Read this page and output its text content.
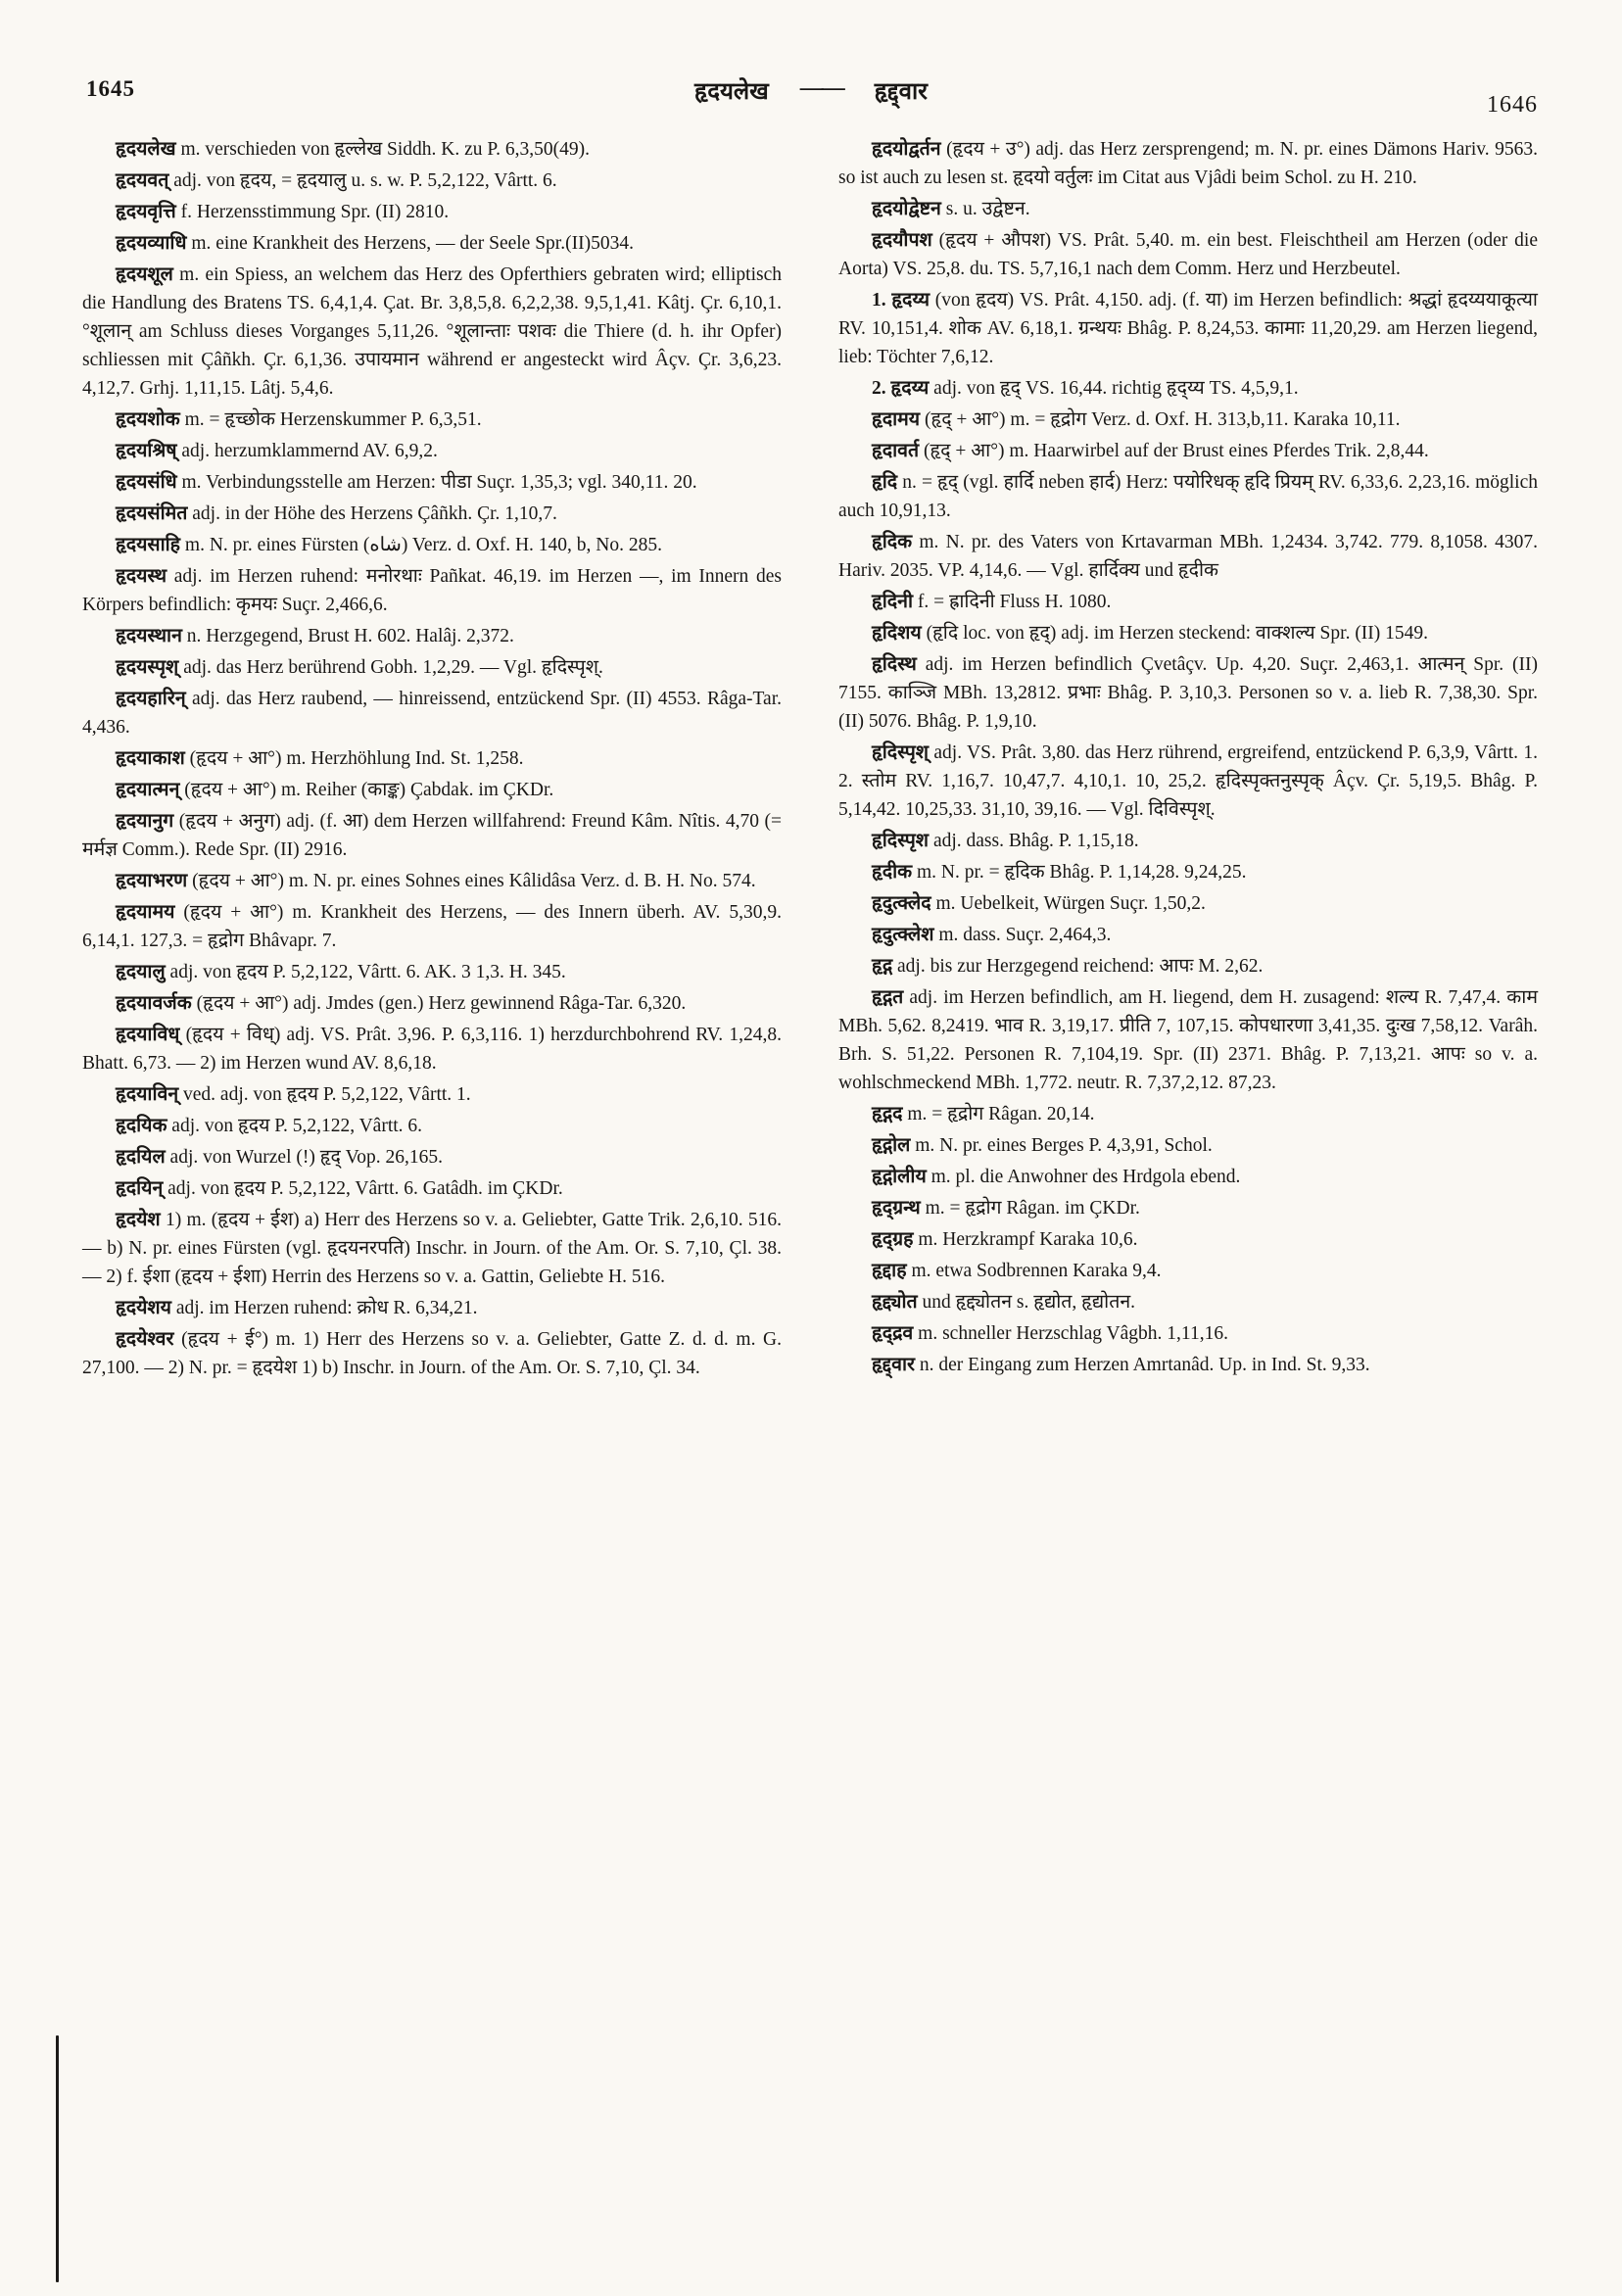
1645	हृदयलेख —— हृद्द्वार	1646

हृदयलेख m. verschieden von हृल्लेख Siddh. K. zu P. 6,3,50(49).

हृदयवत् adj. von हृदय, = हृदयालु u. s. w. P. 5,2,122, Vârtt. 6.

हृदयवृत्ति f. Herzensstimmung Spr. (II) 2810.

हृदयव्याधि m. eine Krankheit des Herzens, — der Seele Spr.(II)5034.

हृदयशूल m. ein Spiess, an welchem das Herz des Opferthiers gebraten wird; elliptisch die Handlung des Bratens TS. 6,4,1,4. Çat. Br. 3,8,5,8. 6,2,2,38. 9,5,1,41. Kâtj. Çr. 6,10,1. °शूलान् am Schluss dieses Vorganges 5,11,26. °शूलान्ताः पशवः die Thiere (d. h. ihr Opfer) schliessen mit Çâñkh. Çr. 6,1,36. उपायमान während er angesteckt wird Âçv. Çr. 3,6,23. 4,12,7. Grhj. 1,11,15. Lâtj. 5,4,6.

हृदयशोक m. = हृच्छोक Herzenskummer P. 6,3,51.

हृदयश्रिष् adj. herzumklammernd AV. 6,9,2.

हृदयसंधि m. Verbindungsstelle am Herzen: पीडा Suçr. 1,35,3; vgl. 340,11. 20.

हृदयसंमित adj. in der Höhe des Herzens Çâñkh. Çr. 1,10,7.

हृदयसाहि m. N. pr. eines Fürsten (شاه) Verz. d. Oxf. H. 140, b, No. 285.

हृदयस्थ adj. im Herzen ruhend: मनोरथाः Pañkat. 46,19. im Herzen —, im Innern des Körpers befindlich: कृमयः Suçr. 2,466,6.

हृदयस्थान n. Herzgegend, Brust H. 602. Halâj. 2,372.

हृदयस्पृश् adj. das Herz berührend Gobh. 1,2,29. — Vgl. हृदिस्पृश्.

हृदयहारिन् adj. das Herz raubend, — hinreissend, entzückend Spr. (II) 4553. Râga-Tar. 4,436.

हृदयाकाश (हृदय + आ°) m. Herzhöhlung Ind. St. 1,258.

हृदयात्मन् (हृदय + आ°) m. Reiher (काङ्क) Çabdak. im ÇKDr.

हृदयानुग (हृदय + अनुग) adj. (f. आ) dem Herzen willfahrend: Freund Kâm. Nîtis. 4,70 (= मर्मज्ञ Comm.). Rede Spr. (II) 2916.

हृदयाभरण (हृदय + आ°) m. N. pr. eines Sohnes eines Kâlidâsa Verz. d. B. H. No. 574.

हृदयामय (हृदय + आ°) m. Krankheit des Herzens, — des Innern überh. AV. 5,30,9. 6,14,1. 127,3. = हृद्रोग Bhâvapr. 7.

हृदयालु adj. von हृदय P. 5,2,122, Vârtt. 6. AK. 3 1,3. H. 345.

हृदयावर्जक (हृदय + आ°) adj. Jmdes (gen.) Herz gewinnend Râga-Tar. 6,320.

हृदयाविध् (हृदय + विध्) adj. VS. Prât. 3,96. P. 6,3,116. 1) herzdurchbohrend RV. 1,24,8. Bhatt. 6,73. — 2) im Herzen wund AV. 8,6,18.

हृदयाविन् ved. adj. von हृदय P. 5,2,122, Vârtt. 1.

हृदयिक adj. von हृदय P. 5,2,122, Vârtt. 6.

हृदयिल adj. von Wurzel (!) हृद् Vop. 26,165.

हृदयिन् adj. von हृदय P. 5,2,122, Vârtt. 6. Gatâdh. im ÇKDr.

हृदयेश 1) m. (हृदय + ईश) a) Herr des Herzens so v. a. Geliebter, Gatte Trik. 2,6,10. 516. — b) N. pr. eines Fürsten (vgl. हृदयनरपति) Inschr. in Journ. of the Am. Or. S. 7,10, Çl. 38. — 2) f. ईशा (हृदय + ईशा) Herrin des Herzens so v. a. Gattin, Geliebte H. 516.

हृदयेशय adj. im Herzen ruhend: क्रोध R. 6,34,21.

हृदयेश्वर (हृदय + ई°) m. 1) Herr des Herzens so v. a. Geliebter, Gatte Z. d. d. m. G. 27,100. — 2) N. pr. = हृदयेश 1) b) Inschr. in Journ. of the Am. Or. S. 7,10, Çl. 34.

हृदयोद्वर्तन (हृदय + उ°) adj. das Herz zersprengend; m. N. pr. eines Dämons Hariv. 9563. so ist auch zu lesen st. हृदयो वर्तुलः im Citat aus Vjâdi beim Schol. zu H. 210.

हृदयोद्वेष्टन s. u. उद्वेष्टन.

हृदयौपश (हृदय + औपश) VS. Prât. 5,40. m. ein best. Fleischtheil am Herzen (oder die Aorta) VS. 25,8. du. TS. 5,7,16,1 nach dem Comm. Herz und Herzbeutel.

1. हृदय्य (von हृदय) VS. Prât. 4,150. adj. (f. या) im Herzen befindlich: श्रद्धां हृदय्ययाकूत्या RV. 10,151,4. शोक AV. 6,18,1. ग्रन्थयः Bhâg. P. 8,24,53. कामाः 11,20,29. am Herzen liegend, lieb: Töchter 7,6,12.

2. हृदय्य adj. von हृद् VS. 16,44. richtig हृद्य्य TS. 4,5,9,1.

हृदामय (हृद् + आ°) m. = हृद्रोग Verz. d. Oxf. H. 313,b,11. Karaka 10,11.

हृदावर्त (हृद् + आ°) m. Haarwirbel auf der Brust eines Pferdes Trik. 2,8,44.

हृदि n. = हृद् (vgl. हार्दि neben हार्द) Herz: पयोरिधक् हृदि प्रियम् RV. 6,33,6. 2,23,16. möglich auch 10,91,13.

हृदिक m. N. pr. des Vaters von Krtavarman MBh. 1,2434. 3,742. 779. 8,1058. 4307. Hariv. 2035. VP. 4,14,6. — Vgl. हार्दिक्य und हृदीक

हृदिनी f. = ह्रादिनी Fluss H. 1080.

हृदिशय (हृदि loc. von हृद्) adj. im Herzen steckend: वाक्शल्य Spr. (II) 1549.

हृदिस्थ adj. im Herzen befindlich Çvetâçv. Up. 4,20. Suçr. 2,463,1. आत्मन् Spr. (II) 7155. काञ्जि MBh. 13,2812. प्रभाः Bhâg. P. 3,10,3. Personen so v. a. lieb R. 7,38,30. Spr. (II) 5076. Bhâg. P. 1,9,10.

हृदिस्पृश् adj. VS. Prât. 3,80. das Herz rührend, ergreifend, entzückend P. 6,3,9, Vârtt. 1. 2. स्तोम RV. 1,16,7. 10,47,7. 4,10,1. 10, 25,2. हृदिस्पृक्तनुस्पृक् Âçv. Çr. 5,19,5. Bhâg. P. 5,14,42. 10,25,33. 31,10, 39,16. — Vgl. दिविस्पृश्.

हृदिस्पृश adj. dass. Bhâg. P. 1,15,18.

हृदीक m. N. pr. = हृदिक Bhâg. P. 1,14,28. 9,24,25.

हृदुत्क्लेद m. Uebelkeit, Würgen Suçr. 1,50,2.

हृदुत्क्लेश m. dass. Suçr. 2,464,3.

हृद्ग adj. bis zur Herzgegend reichend: आपः M. 2,62.

हृद्गत adj. im Herzen befindlich, am H. liegend, dem H. zusagend: शल्य R. 7,47,4. काम MBh. 5,62. 8,2419. भाव R. 3,19,17. प्रीति 7, 107,15. कोपधारणा 3,41,35. दुःख 7,58,12. Varâh. Brh. S. 51,22. Personen R. 7,104,19. Spr. (II) 2371. Bhâg. P. 7,13,21. आपः so v. a. wohlschmeckend MBh. 1,772. neutr. R. 7,37,2,12. 87,23.

हृद्गद m. = हृद्रोग Râgan. 20,14.

हृद्गोल m. N. pr. eines Berges P. 4,3,91, Schol.

हृद्गोलीय m. pl. die Anwohner des Hrdgola ebend.

हृद्ग्रन्थ m. = हृद्रोग Râgan. im ÇKDr.

हृद्ग्रह m. Herzkrampf Karaka 10,6.

हृद्दाह m. etwa Sodbrennen Karaka 9,4.

हृद्द्योत und हृद्द्योतन s. हृद्योत, हृद्योतन.

हृद्द्रव m. schneller Herzschlag Vâgbh. 1,11,16.

हृद्द्वार n. der Eingang zum Herzen Amrtanâd. Up. in Ind. St. 9,33.
